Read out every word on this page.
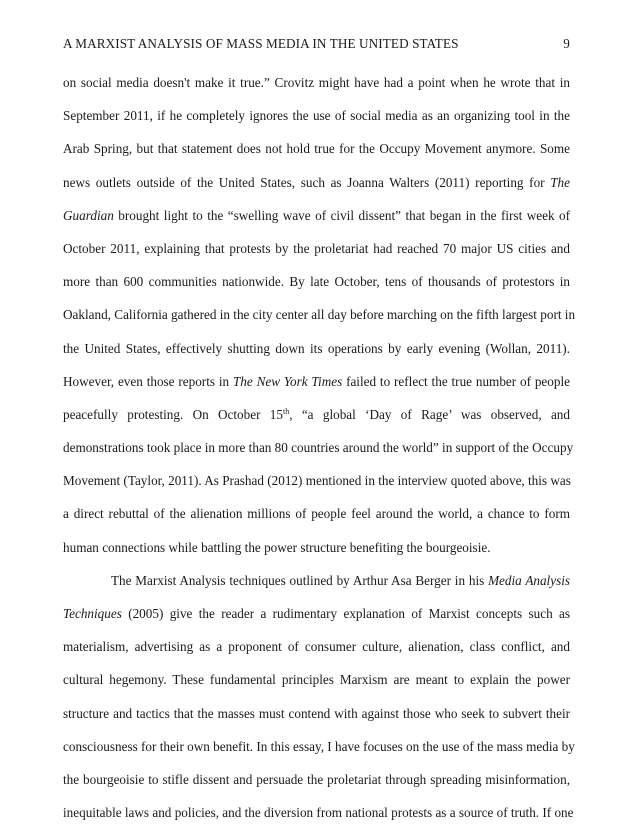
A MARXIST ANALYSIS OF MASS MEDIA IN THE UNITED STATES	9
on social media doesn't make it true.” Crovitz might have had a point when he wrote that in
September 2011, if he completely ignores the use of social media as an organizing tool in the
Arab Spring, but that statement does not hold true for the Occupy Movement anymore. Some
news outlets outside of the United States, such as Joanna Walters (2011) reporting for The
Guardian brought light to the “swelling wave of civil dissent” that began in the first week of
October 2011, explaining that protests by the proletariat had reached 70 major US cities and
more than 600 communities nationwide. By late October, tens of thousands of protestors in
Oakland, California gathered in the city center all day before marching on the fifth largest port in
the United States, effectively shutting down its operations by early evening (Wollan, 2011).
However, even those reports in The New York Times failed to reflect the true number of people
peacefully protesting. On October 15th, “a global ‘Day of Rage’ was observed, and
demonstrations took place in more than 80 countries around the world” in support of the Occupy
Movement (Taylor, 2011). As Prashad (2012) mentioned in the interview quoted above, this was
a direct rebuttal of the alienation millions of people feel around the world, a chance to form
human connections while battling the power structure benefiting the bourgeoisie.
The Marxist Analysis techniques outlined by Arthur Asa Berger in his Media Analysis
Techniques (2005) give the reader a rudimentary explanation of Marxist concepts such as
materialism, advertising as a proponent of consumer culture, alienation, class conflict, and
cultural hegemony. These fundamental principles Marxism are meant to explain the power
structure and tactics that the masses must contend with against those who seek to subvert their
consciousness for their own benefit. In this essay, I have focuses on the use of the mass media by
the bourgeoisie to stifle dissent and persuade the proletariat through spreading misinformation,
inequitable laws and policies, and the diversion from national protests as a source of truth. If one
